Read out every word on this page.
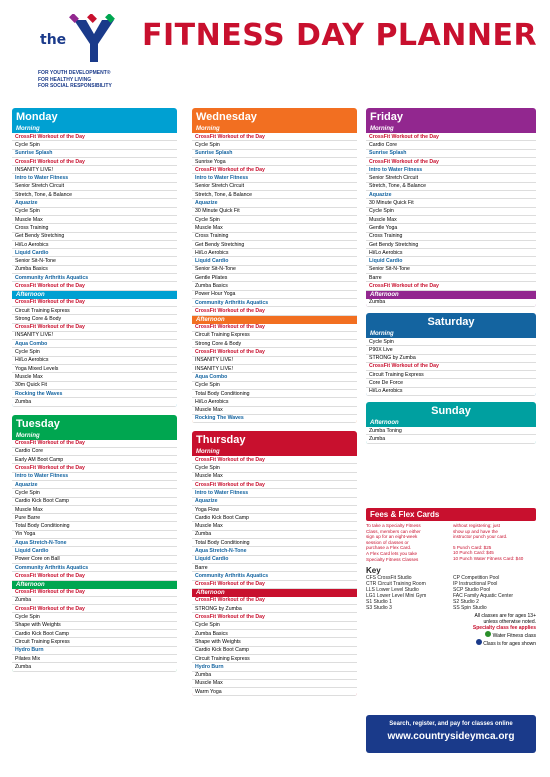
the	FITNESS DAY PLANNER
FOR YOUTH DEVELOPMENT®
FOR HEALTHY LIVING
FOR SOCIAL RESPONSIBILITY
Monday
Morning
CrossFit Workout of the Day
Cycle Spin
Sunrise Splash
CrossFit Workout of the Day
INSANITY LIVE!
Intro to Water Fitness
Senior Stretch Circuit
Stretch, Tone, & Balance
Aquazize
Cycle Spin
Muscle Max
Cross Training
Get Bendy Stretching
Hi/Lo Aerobics
Liquid Cardio
Senior Sit-N-Tone
Zumba Basics
Community Arthritis Aquatics
CrossFit Workout of the Day
Afternoon
CrossFit Workout of the Day
Circuit Training Express
Strong Core & Body
CrossFit Workout of the Day
INSANITY LIVE!
Aqua Combo
Cycle Spin
Hi/Lo Aerobics
Yoga Mixed Levels
Muscle Max
30m Quick Fit
Rocking the Waves
Zumba
Tuesday
Morning
CrossFit Workout of the Day
Cardio Core
Early AM Boot Camp
CrossFit Workout of the Day
Intro to Water Fitness
Aquazize
Cycle Spin
Cardio Kick Boot Camp
Muscle Max
Pure Barre
Total Body Conditioning
Yin Yoga
Aqua Stretch-N-Tone
Liquid Cardio
Power Core on Ball
Community Arthritis Aquatics
CrossFit Workout of the Day
Afternoon
CrossFit Workout of the Day
Zumba
CrossFit Workout of the Day
Cycle Spin
Shape with Weights
Cardio Kick Boot Camp
Circuit Training Express
Hydro Burn
Pilates Mix
Zumba
Wednesday
Morning
CrossFit Workout of the Day
Cycle Spin
Sunrise Splash
Sunrise Yoga
CrossFit Workout of the Day
Intro to Water Fitness
Senior Stretch Circuit
Stretch, Tone, & Balance
Aquazize
30 Minute Quick Fit
Cycle Spin
Muscle Max
Cross Training
Get Bendy Stretching
Hi/Lo Aerobics
Liquid Cardio
Senior Sit-N-Tone
Gentle Pilates
Zumba Basics
Power Hour Yoga
Community Arthritis Aquatics
CrossFit Workout of the Day
Afternoon
CrossFit Workout of the Day
Circuit Training Express
Strong Core & Body
CrossFit Workout of the Day
INSANITY LIVE!
INSANITY LIVE!
Aqua Combo
Cycle Spin
Total Body Conditioning
Hi/Lo Aerobics
Muscle Max
Rocking The Waves
Thursday
Morning
CrossFit Workout of the Day
Cycle Spin
Muscle Max
CrossFit Workout of the Day
Intro to Water Fitness
Aquazize
Yoga Flow
Cardio Kick Boot Camp
Muscle Max
Zumba
Total Body Conditioning
Aqua Stretch-N-Tone
Liquid Cardio
Barre
Community Arthritis Aquatics
CrossFit Workout of the Day
Afternoon
CrossFit Workout of the Day
STRONG by Zumba
CrossFit Workout of the Day
Cycle Spin
Zumba Basics
Shape with Weights
Cardio Kick Boot Camp
Circuit Training Express
Hydro Burn
Zumba
Muscle Max
Warm Yoga
Friday
Morning
CrossFit Workout of the Day
Cardio Core
Sunrise Splash
CrossFit Workout of the Day
Intro to Water Fitness
Senior Stretch Circuit
Stretch, Tone, & Balance
Aquazize
30 Minute Quick Fit
Cycle Spin
Muscle Max
Gentle Yoga
Cross Training
Get Bendy Stretching
Hi/Lo Aerobics
Liquid Cardio
Senior Sit-N-Tone
Barre
CrossFit Workout of the Day
Afternoon
Zumba
Saturday
Morning
Cycle Spin
P90X Live
STRONG by Zumba
CrossFit Workout of the Day
Circuit Training Express
Core De Force
Hi/Lo Aerobics
Sunday
Afternoon
Zumba Toning
Zumba
Fees & Flex Cards
To take a Specialty Fitness
Class, members can either
sign up for an eight-week
session of classes or
purchase a Flex Card.
A Flex Card lets you take
Specialty Fitness Classes
without registering; just
show up and have the
instructor punch your card.
5 Punch Card: $25
10 Punch Card: $45
10 Punch Water Fitness Card: $40
Key
CFS CrossFit Studio	CP Competition Pool
CTR Circuit Training Room	IP Instructional Pool
LLS Lower Level Studio	SCP Studio Pool
LG1 Lower Level Mini Gym	FAC Family Aquatic Center
S1 Studio 1	S2 Studio 2
S3 Studio 3	SS Spin Studio
All classes are for ages 13+
unless otherwise noted.
Specialty class fee applies
Water Fitness class
Class is for ages shown
Search, register, and pay for classes online
www.countrysideymca.org
